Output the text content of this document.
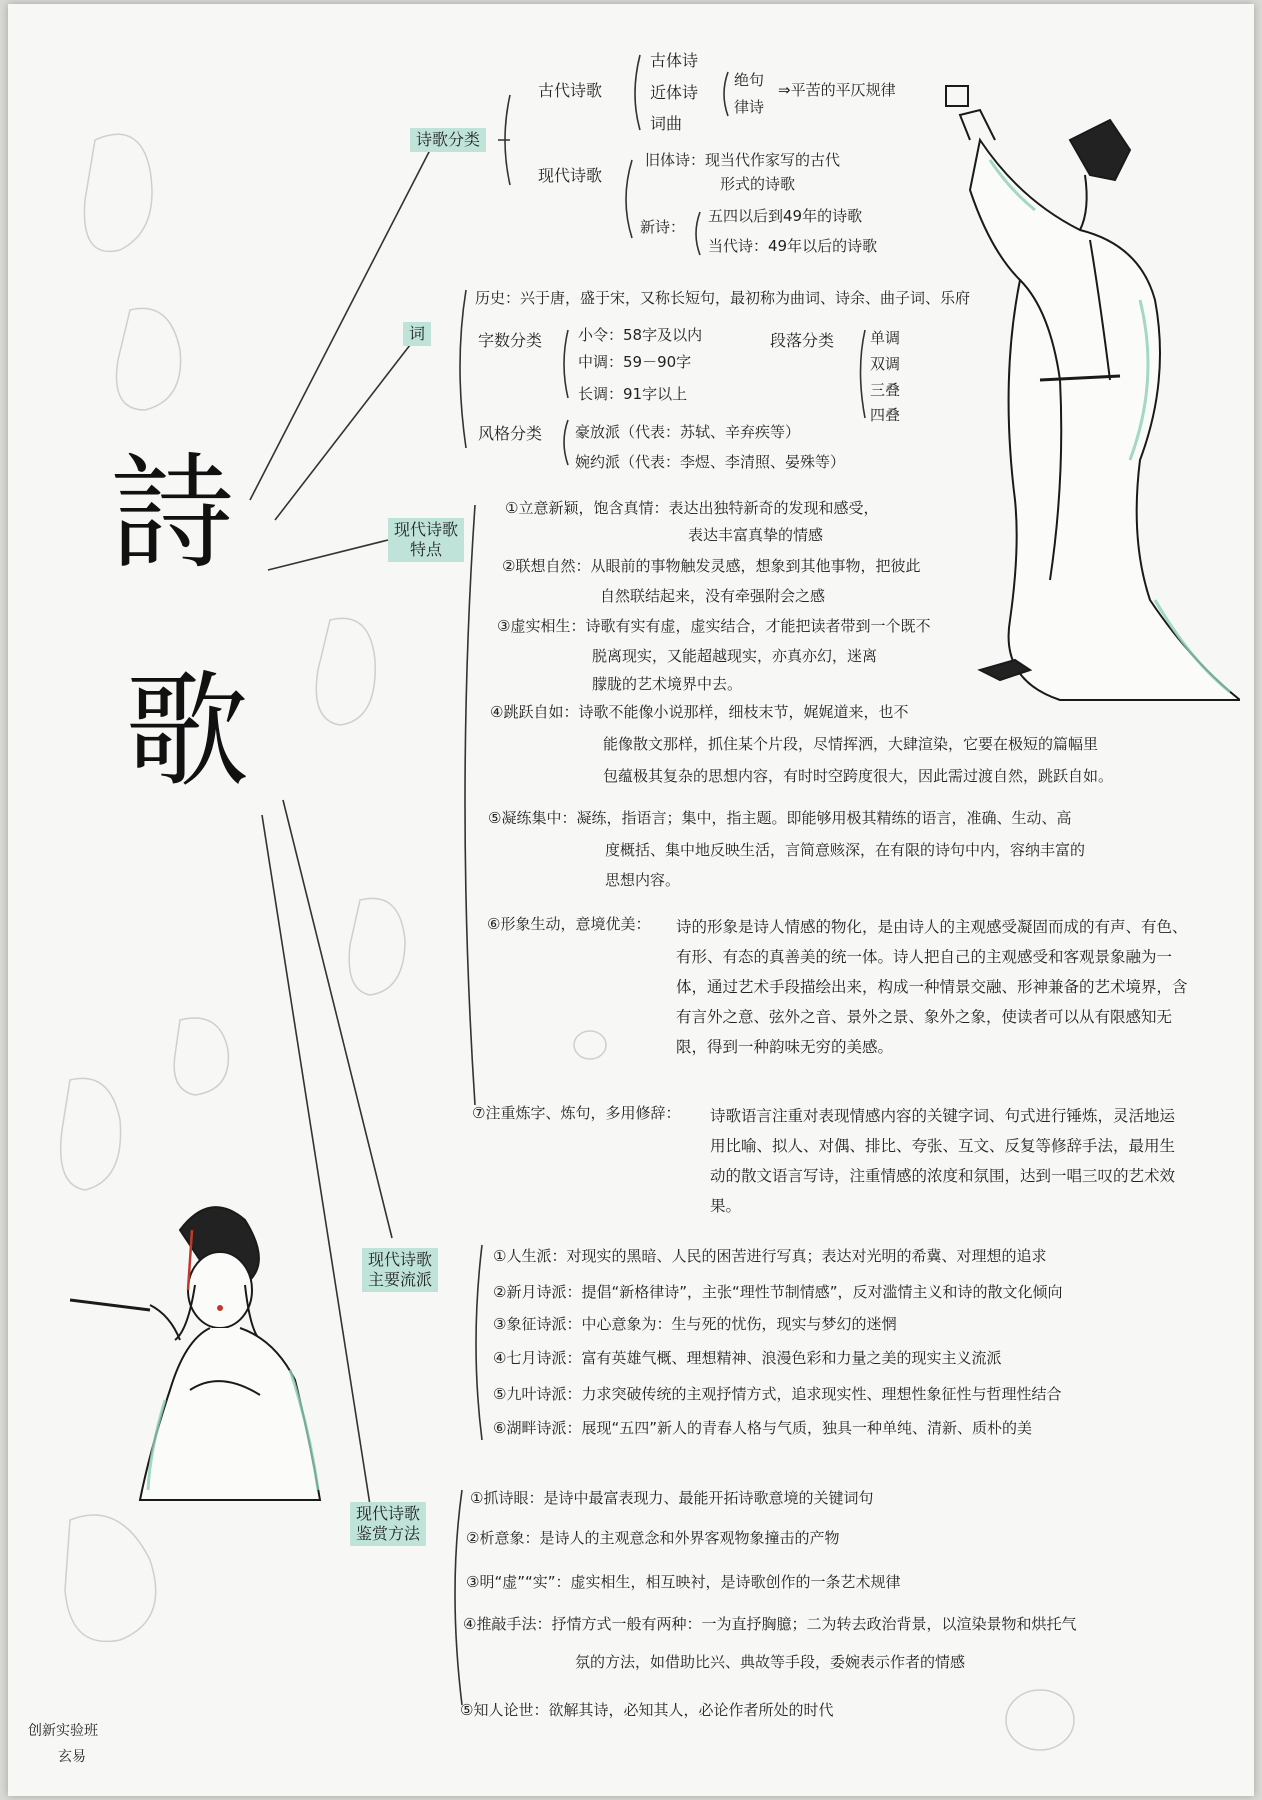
詩
歌
诗歌分类
古代诗歌
古体诗
近体诗
词曲
绝句
律诗
⇒平苦的平仄规律
现代诗歌
旧体诗：现当代作家写的古代
形式的诗歌
新诗：
五四以后到49年的诗歌
当代诗：49年以后的诗歌
词
历史：兴于唐，盛于宋，又称长短句，最初称为曲词、诗余、曲子词、乐府
字数分类 小令：58字及以内
中调：59－90字
长调：91字以上
段落分类 单调
双调
三叠
四叠
风格分类 豪放派（代表：苏轼、辛弃疾等）
婉约派（代表：李煜、李清照、晏殊等）
现代诗歌
特点
①立意新颖，饱含真情：表达出独特新奇的发现和感受，
表达丰富真挚的情感
②联想自然：从眼前的事物触发灵感，想象到其他事物，把彼此
自然联结起来，没有牵强附会之感
③虚实相生：诗歌有实有虚，虚实结合，才能把读者带到一个既不
脱离现实，又能超越现实，亦真亦幻，迷离
朦胧的艺术境界中去。
④跳跃自如：诗歌不能像小说那样，细枝末节，娓娓道来，也不
能像散文那样，抓住某个片段，尽情挥洒，大肆渲染，它要在极短的篇幅里
包蕴极其复杂的思想内容，有时时空跨度很大，因此需过渡自然，跳跃自如。
⑤凝练集中：凝练，指语言；集中，指主题。即能够用极其精练的语言，准确、生动、高
度概括、集中地反映生活，言简意赅深，在有限的诗句中内，容纳丰富的
思想内容。
⑥形象生动，意境优美： 诗的形象是诗人情感的物化，是由诗人的主观感受凝固而成的有声、有色、有形、有态的真善美的统一体。诗人把自己的主观感受和客观景象融为一体，通过艺术手段描绘出来，构成一种情景交融、形神兼备的艺术境界，含有言外之意、弦外之音、景外之景、象外之象，使读者可以从有限感知无限，得到一种韵味无穷的美感。
⑦注重炼字、炼句，多用修辞： 诗歌语言注重对表现情感内容的关键字词、句式进行锤炼，灵活地运用比喻、拟人、对偶、排比、夸张、互文、反复等修辞手法，最用生动的散文语言写诗，注重情感的浓度和氛围，达到一唱三叹的艺术效果。
现代诗歌
主要流派
①人生派：对现实的黑暗、人民的困苦进行写真；表达对光明的希冀、对理想的追求
②新月诗派：提倡“新格律诗”，主张“理性节制情感”，反对滥情主义和诗的散文化倾向
③象征诗派：中心意象为：生与死的忧伤，现实与梦幻的迷惘
④七月诗派：富有英雄气概、理想精神、浪漫色彩和力量之美的现实主义流派
⑤九叶诗派：力求突破传统的主观抒情方式，追求现实性、理想性象征性与哲理性结合
⑥湖畔诗派：展现“五四”新人的青春人格与气质，独具一种单纯、清新、质朴的美
现代诗歌
鉴赏方法
①抓诗眼：是诗中最富表现力、最能开拓诗歌意境的关键词句
②析意象：是诗人的主观意念和外界客观物象撞击的产物
③明“虚”“实”：虚实相生，相互映衬，是诗歌创作的一条艺术规律
④推敲手法：抒情方式一般有两种：一为直抒胸臆；二为转去政治背景，以渲染景物和烘托气
氛的方法，如借助比兴、典故等手段，委婉表示作者的情感
⑤知人论世：欲解其诗，必知其人，必论作者所处的时代
创新实验班
玄易
